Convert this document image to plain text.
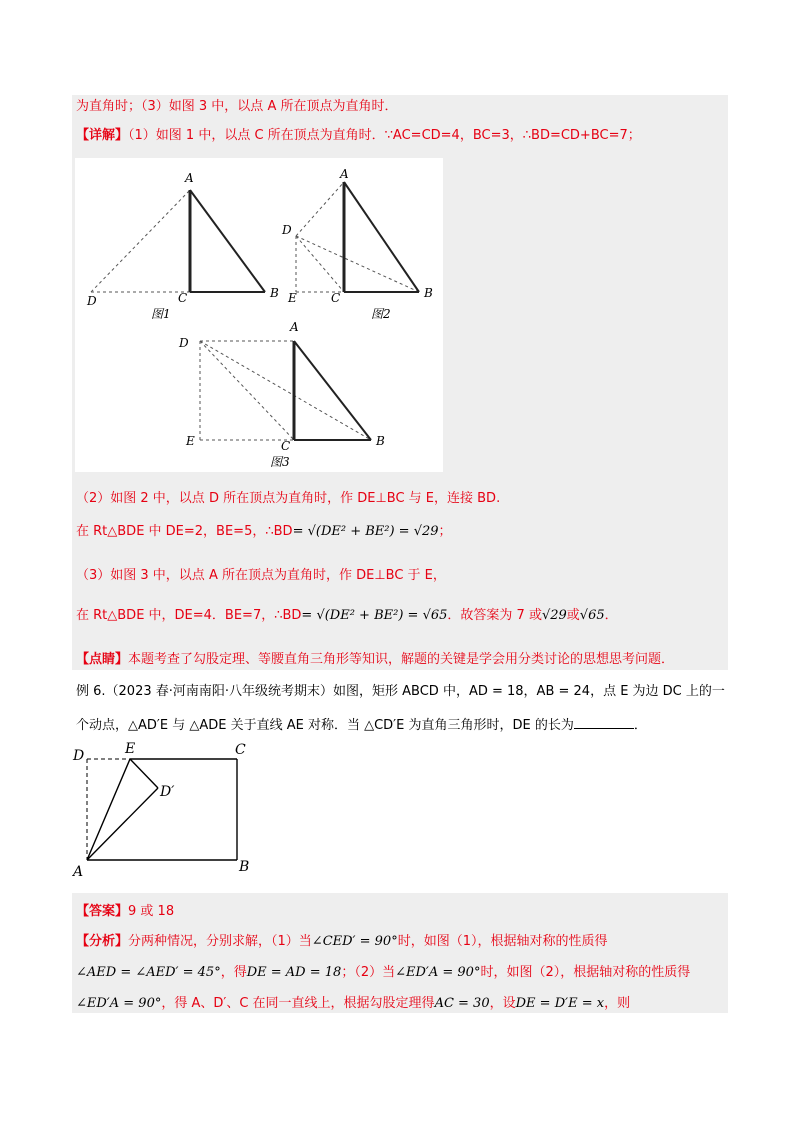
为直角时；（3）如图 3 中，以点 A 所在顶点为直角时．
【详解】（1）如图 1 中，以点 C 所在顶点为直角时．∵AC=CD=4，BC=3，∴BD=CD+BC=7；
A
D	C	B
图1
A
D
E	C	B
图2
A
D
E	C	B
图3
（2）如图 2 中，以点 D 所在顶点为直角时，作 DE⊥BC 与 E，连接 BD.
在 Rt△BDE 中 DE=2，BE=5，∴BD= √(DE² + BE²) = √29；
（3）如图 3 中，以点 A 所在顶点为直角时，作 DE⊥BC 于 E，
在 Rt△BDE 中，DE=4．BE=7，∴BD= √(DE² + BE²) = √65．故答案为 7 或√29或√65．
【点睛】本题考查了勾股定理、等腰直角三角形等知识，解题的关键是学会用分类讨论的思想思考问题．
例 6.（2023 春·河南南阳·八年级统考期末）如图，矩形 ABCD 中，AD = 18，AB = 24，点 E 为边 DC 上的一
个动点，△AD′E 与 △ADE 关于直线 AE 对称．当 △CD′E 为直角三角形时，DE 的长为	．
D	E	C
D′
A	B
【答案】9 或 18
【分析】分两种情况，分别求解，（1）当∠CED′ = 90°时，如图（1），根据轴对称的性质得
∠AED = ∠AED′ = 45°，得DE = AD = 18；（2）当∠ED′A = 90°时，如图（2），根据轴对称的性质得
∠ED′A = 90°，得 A、D′、C 在同一直线上，根据勾股定理得AC = 30，设DE = D′E = x，则
